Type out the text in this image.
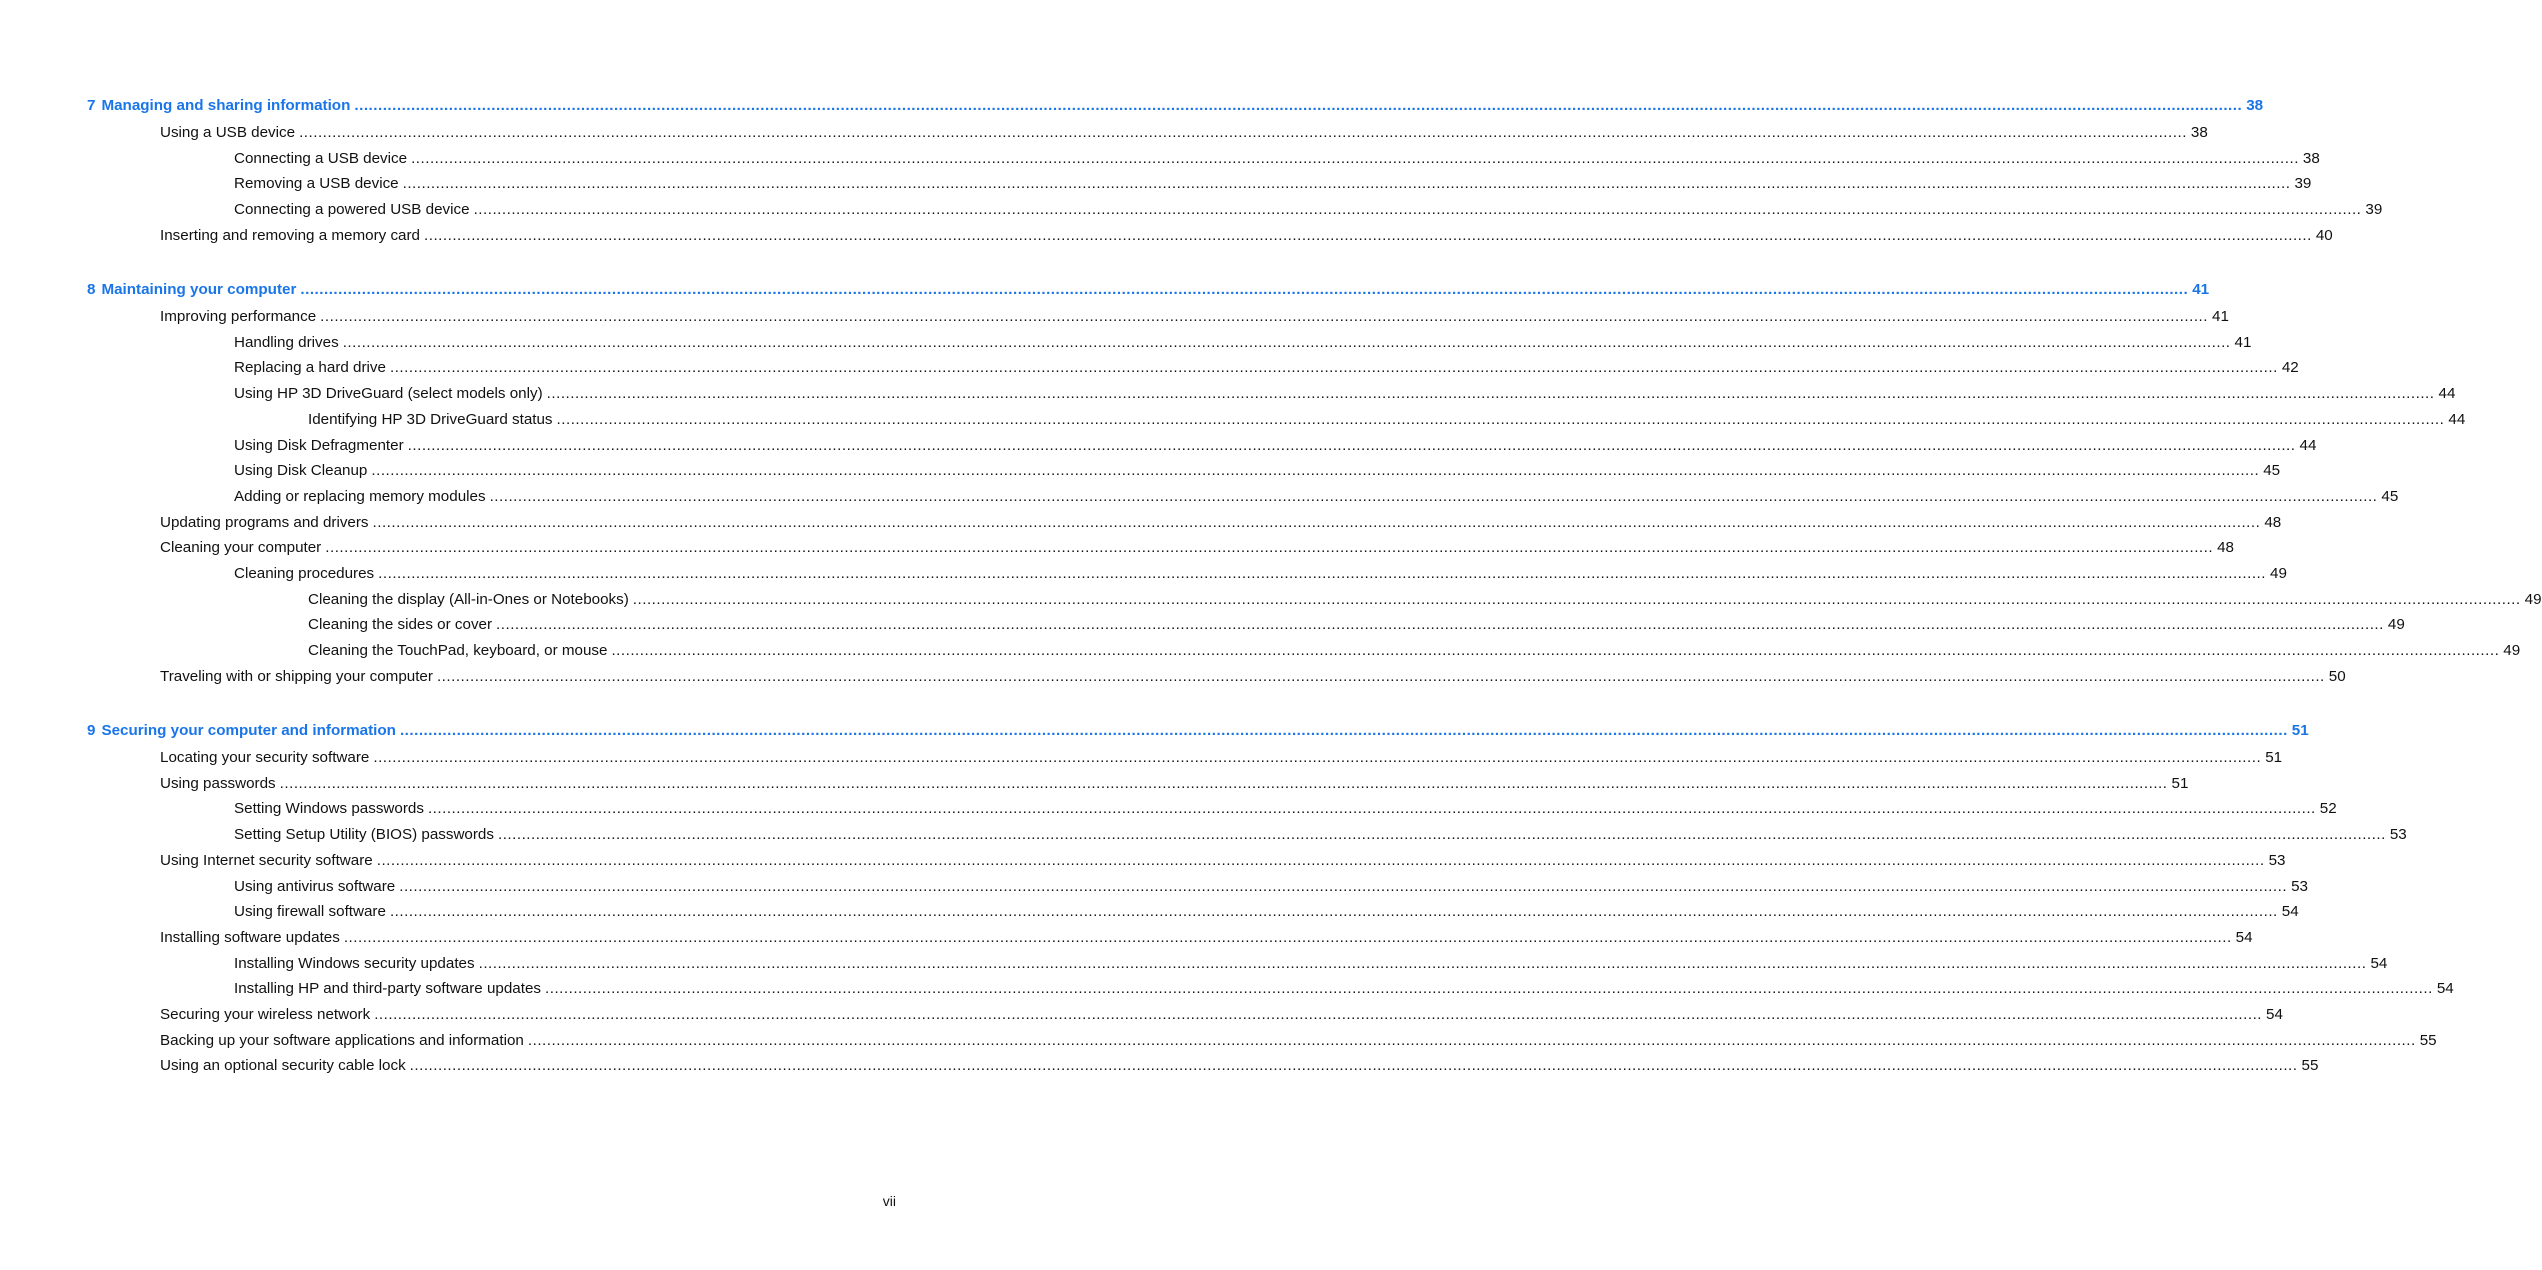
7 Managing and sharing information ................................................................................................................................................................................................................................................................................................................................................................................................................ 38
Using a USB device ................................................................................................................................................................................................................................................................................................................................................................................................................ 38
Connecting a USB device ................................................................................................................................................................................................................................................................................................................................................................................................................ 38
Removing a USB device ................................................................................................................................................................................................................................................................................................................................................................................................................ 39
Connecting a powered USB device ................................................................................................................................................................................................................................................................................................................................................................................................................ 39
Inserting and removing a memory card ................................................................................................................................................................................................................................................................................................................................................................................................................ 40
8 Maintaining your computer ................................................................................................................................................................................................................................................................................................................................................................................................................ 41
Improving performance ................................................................................................................................................................................................................................................................................................................................................................................................................ 41
Handling drives ................................................................................................................................................................................................................................................................................................................................................................................................................ 41
Replacing a hard drive ................................................................................................................................................................................................................................................................................................................................................................................................................ 42
Using HP 3D DriveGuard (select models only) ................................................................................................................................................................................................................................................................................................................................................................................................................ 44
Identifying HP 3D DriveGuard status ................................................................................................................................................................................................................................................................................................................................................................................................................ 44
Using Disk Defragmenter ................................................................................................................................................................................................................................................................................................................................................................................................................ 44
Using Disk Cleanup ................................................................................................................................................................................................................................................................................................................................................................................................................ 45
Adding or replacing memory modules ................................................................................................................................................................................................................................................................................................................................................................................................................ 45
Updating programs and drivers ................................................................................................................................................................................................................................................................................................................................................................................................................ 48
Cleaning your computer ................................................................................................................................................................................................................................................................................................................................................................................................................ 48
Cleaning procedures ................................................................................................................................................................................................................................................................................................................................................................................................................ 49
Cleaning the display (All-in-Ones or Notebooks) ................................................................................................................................................................................................................................................................................................................................................................................................................ 49
Cleaning the sides or cover ................................................................................................................................................................................................................................................................................................................................................................................................................ 49
Cleaning the TouchPad, keyboard, or mouse ................................................................................................................................................................................................................................................................................................................................................................................................................ 49
Traveling with or shipping your computer ................................................................................................................................................................................................................................................................................................................................................................................................................ 50
9 Securing your computer and information ................................................................................................................................................................................................................................................................................................................................................................................................................ 51
Locating your security software ................................................................................................................................................................................................................................................................................................................................................................................................................ 51
Using passwords ................................................................................................................................................................................................................................................................................................................................................................................................................ 51
Setting Windows passwords ................................................................................................................................................................................................................................................................................................................................................................................................................ 52
Setting Setup Utility (BIOS) passwords ................................................................................................................................................................................................................................................................................................................................................................................................................ 53
Using Internet security software ................................................................................................................................................................................................................................................................................................................................................................................................................ 53
Using antivirus software ................................................................................................................................................................................................................................................................................................................................................................................................................ 53
Using firewall software ................................................................................................................................................................................................................................................................................................................................................................................................................ 54
Installing software updates ................................................................................................................................................................................................................................................................................................................................................................................................................ 54
Installing Windows security updates ................................................................................................................................................................................................................................................................................................................................................................................................................ 54
Installing HP and third-party software updates ................................................................................................................................................................................................................................................................................................................................................................................................................ 54
Securing your wireless network ................................................................................................................................................................................................................................................................................................................................................................................................................ 54
Backing up your software applications and information ................................................................................................................................................................................................................................................................................................................................................................................................................ 55
Using an optional security cable lock ................................................................................................................................................................................................................................................................................................................................................................................................................ 55
vii
